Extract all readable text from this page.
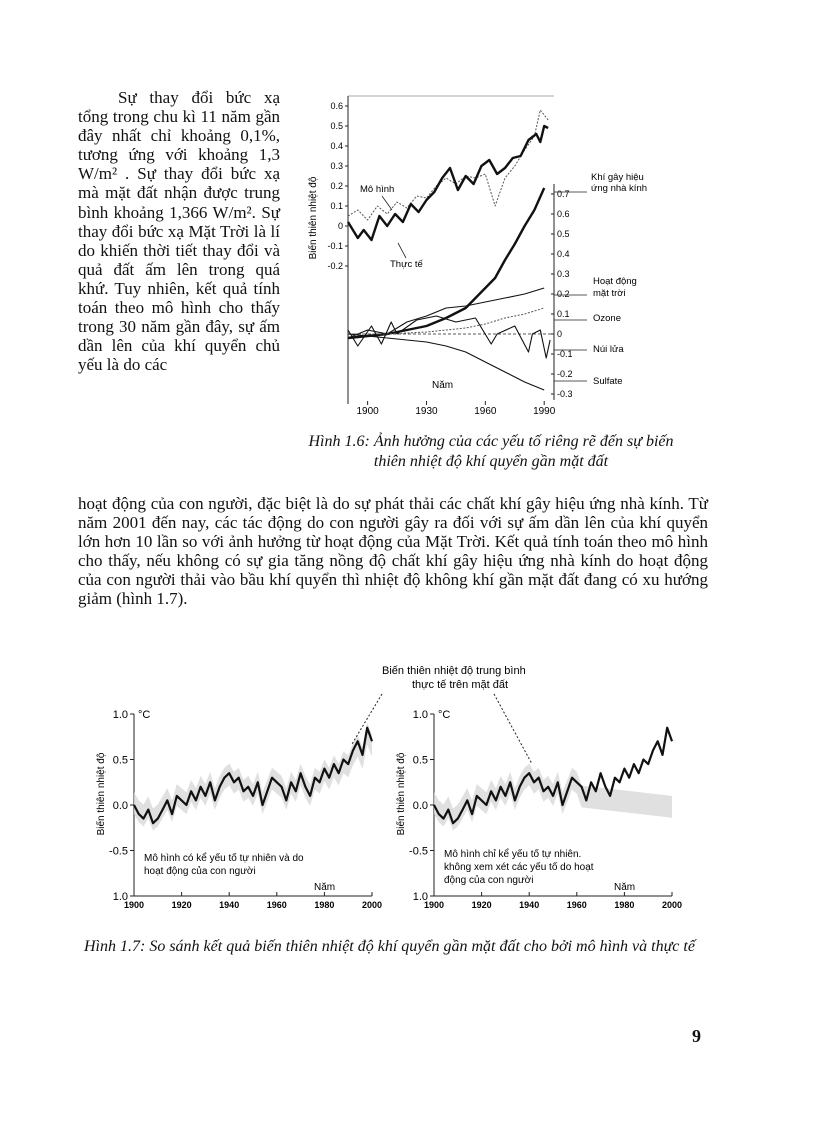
Sự thay đổi bức xạ tổng trong chu kì 11 năm gần đây nhất chỉ khoảng 0,1%, tương ứng với khoảng 1,3 W/m² . Sự thay đổi bức xạ mà mặt đất nhận được trung bình khoảng 1,366 W/m². Sự thay đổi bức xạ Mặt Trời là lí do khiến thời tiết thay đổi và quả đất ấm lên trong quá khứ. Tuy nhiên, kết quả tính toán theo mô hình cho thấy trong 30 năm gần đây, sự ấm dần lên của khí quyển chủ yếu là do các
0.6
0.5
0.4
0.3
0.2
0.1
0
-0.1
-0.2
0.7
0.6
0.5
0.4
0.3
0.2
0.1
0
-0.1
-0.2
-0.3
1900	1930	1960	1990
Năm
Biến thiên nhiệt độ	Mô hình
Thực tế
Khí gây hiệu
ứng nhà kính
Hoạt động
mặt trời
Ozone
Núi lửa
Sulfate
Hình 1.6: Ảnh hưởng của các yếu tố riêng rẽ đến sự biến thiên nhiệt độ khí quyển gần mặt đất
hoạt động của con người, đặc biệt là do sự phát thải các chất khí gây hiệu ứng nhà kính. Từ năm 2001 đến nay, các tác động do con người gây ra đối với sự ấm dần lên của khí quyển lớn hơn 10 lần so với ảnh hưởng từ hoạt động của Mặt Trời. Kết quả tính toán theo mô hình cho thấy, nếu không có sự gia tăng nồng độ chất khí gây hiệu ứng nhà kính do hoạt động của con người thải vào bầu khí quyển thì nhiệt độ không khí gần mặt đất đang có xu hướng giảm (hình 1.7).
1.0
0.5
0.0
-0.5
1.0
°C
1900	1920	1940	1960	1980	2000
Năm
Biến thiên nhiệt độ
Mô hình có kể yếu tố tự nhiên và do
hoạt động của con người
1.0
0.5
0.0
-0.5
1.0
°C
1900	1920	1940	1960	1980	2000
Năm
Biến thiên nhiệt độ
Mô hình chỉ kể yếu tố tự nhiên.
không xem xét các yếu tố do hoạt
động của con người
Biến thiên nhiệt độ trung bình
thực tế trên mặt đất
Hình 1.7: So sánh kết quả biến thiên nhiệt độ khí quyển gần mặt đất cho bởi mô hình và thực tế
9
